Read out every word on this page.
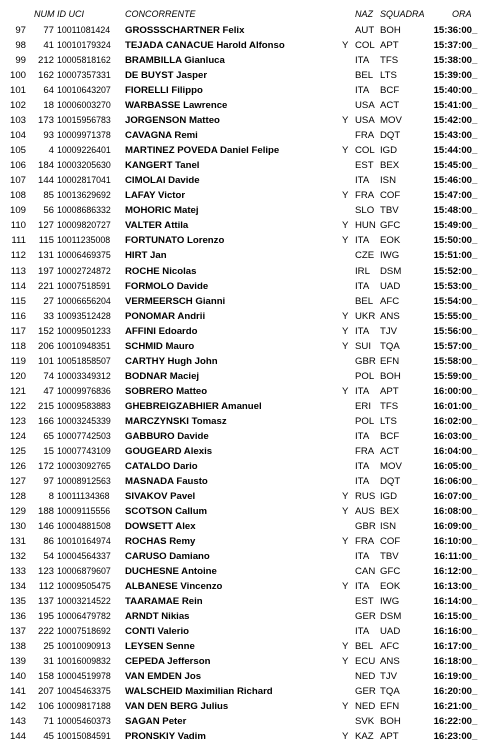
NUM ID UCI	CONCORRENTE	NAZ SQUADRA	ORA
97	77 10011081424 GROSSSCHARTNER Felix	AUT BOH	15:36:00 _
98	41 10010179324 TEJADA CANACUE Harold Alfonso	Y COL APT	15:37:00 _
99	212 10005818162 BRAMBILLA Gianluca	ITA TFS	15:38:00 _
100	162 10007357331 DE BUYST Jasper	BEL LTS	15:39:00 _
101	64 10010643207 FIORELLI Filippo	ITA BCF	15:40:00 _
102	18 10006003270 WARBASSE Lawrence	USA ACT	15:41:00 _
103	173 10015956783 JORGENSON Matteo	Y USA MOV	15:42:00 _
104	93 10009971378 CAVAGNA Remi	FRA DQT	15:43:00 _
105	4 10009226401 MARTINEZ POVEDA Daniel Felipe	Y COL IGD	15:44:00 _
106	184 10003205630 KANGERT Tanel	EST BEX	15:45:00 _
107	144 10002817041 CIMOLAI Davide	ITA ISN	15:46:00 _
108	85 10013629692 LAFAY Victor	Y FRA COF	15:47:00 _
109	56 10008686332 MOHORIC Matej	SLO TBV	15:48:00 _
110	127 10009820727 VALTER Attila	Y HUN GFC	15:49:00 _
111	115 10011235008 FORTUNATO Lorenzo	Y ITA EOK	15:50:00 _
112	131 10006469375 HIRT Jan	CZE IWG	15:51:00 _
113	197 10002724872 ROCHE Nicolas	IRL DSM	15:52:00 _
114	221 10007518591 FORMOLO Davide	ITA UAD	15:53:00 _
115	27 10006656204 VERMEERSCH Gianni	BEL AFC	15:54:00 _
116	33 10093512428 PONOMAR Andrii	Y UKR ANS	15:55:00 _
117	152 10009501233 AFFINI Edoardo	Y ITA TJV	15:56:00 _
118	206 10010948351 SCHMID Mauro	Y SUI TQA	15:57:00 _
119	101 10051858507 CARTHY Hugh John	GBR EFN	15:58:00 _
120	74 10003349312 BODNAR Maciej	POL BOH	15:59:00 _
121	47 10009976836 SOBRERO Matteo	Y ITA APT	16:00:00 _
122	215 10009583883 GHEBREIGZABHIER Amanuel	ERI TFS	16:01:00 _
123	166 10003245339 MARCZYNSKI Tomasz	POL LTS	16:02:00 _
124	65 10007742503 GABBURO Davide	ITA BCF	16:03:00 _
125	15 10007743109 GOUGEARD Alexis	FRA ACT	16:04:00 _
126	172 10003092765 CATALDO Dario	ITA MOV	16:05:00 _
127	97 10008912563 MASNADA Fausto	ITA DQT	16:06:00 _
128	8 10011134368 SIVAKOV Pavel	Y RUS IGD	16:07:00 _
129	188 10009115556 SCOTSON Callum	Y AUS BEX	16:08:00 _
130	146 10004881508 DOWSETT Alex	GBR ISN	16:09:00 _
131	86 10010164974 ROCHAS Remy	Y FRA COF	16:10:00 _
132	54 10004564337 CARUSO Damiano	ITA TBV	16:11:00 _
133	123 10006879607 DUCHESNE Antoine	CAN GFC	16:12:00 _
134	112 10009505475 ALBANESE Vincenzo	Y ITA EOK	16:13:00 _
135	137 10003214522 TAARAMAE Rein	EST IWG	16:14:00 _
136	195 10006479782 ARNDT Nikias	GER DSM	16:15:00 _
137	222 10007518692 CONTI Valerio	ITA UAD	16:16:00 _
138	25 10010090913 LEYSEN Senne	Y BEL AFC	16:17:00 _
139	31 10016009832 CEPEDA Jefferson	Y ECU ANS	16:18:00 _
140	158 10004519978 VAN EMDEN Jos	NED TJV	16:19:00 _
141	207 10045463375 WALSCHEID Maximilian Richard	GER TQA	16:20:00 _
142	106 10009817188 VAN DEN BERG Julius	Y NED EFN	16:21:00 _
143	71 10005460373 SAGAN Peter	SVK BOH	16:22:00 _
144	45 10015084591 PRONSKIY Vadim	Y KAZ APT	16:23:00 _
